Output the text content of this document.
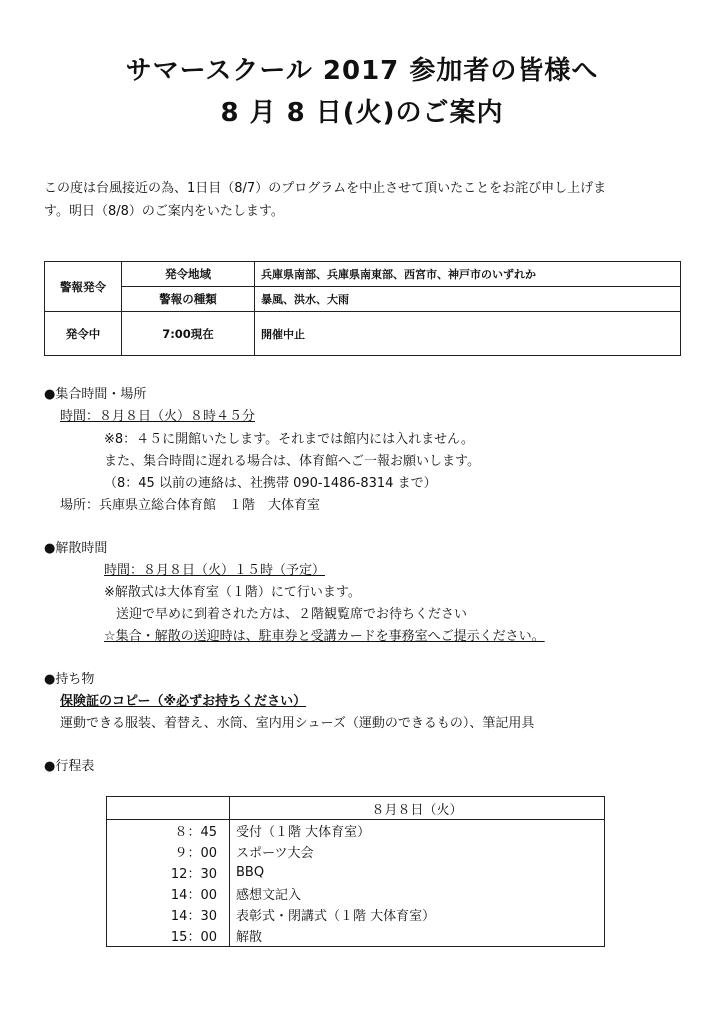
サマースクール 2017 参加者の皆様へ
8 月 8 日(火)のご案内

この度は台風接近の為、1日目（8/7）のプログラムを中止させて頂いたことをお詫び申し上げま
す。明日（8/8）のご案内をいたします。

警報発令	発令地域	兵庫県南部、兵庫県南東部、西宮市、神戸市のいずれか
	警報の種類	暴風、洪水、大雨
発令中	7:00現在	開催中止

●集合時間・場所

時間：８月８日（火）８時４５分

※8：４５に開館いたします。それまでは館内には入れません。

また、集合時間に遅れる場合は、体育館へご一報お願いします。

（8：45 以前の連絡は、社携帯 090-1486-8314 まで）

場所：兵庫県立総合体育館　１階　大体育室

●解散時間

時間：８月８日（火）１５時（予定）

※解散式は大体育室（１階）にて行います。

送迎で早めに到着された方は、２階観覧席でお待ちください

☆集合・解散の送迎時は、駐車券と受講カードを事務室へご提示ください。

●持ち物

保険証のコピー（※必ずお持ちください）

運動できる服装、着替え、水筒、室内用シューズ（運動のできるもの）、筆記用具

●行程表

	８月８日（火）
８：45	受付（１階 大体育室）
９：00	スポーツ大会
12：30	BBQ
14：00	感想文記入
14：30	表彰式・閉講式（１階 大体育室）
15：00	解散
